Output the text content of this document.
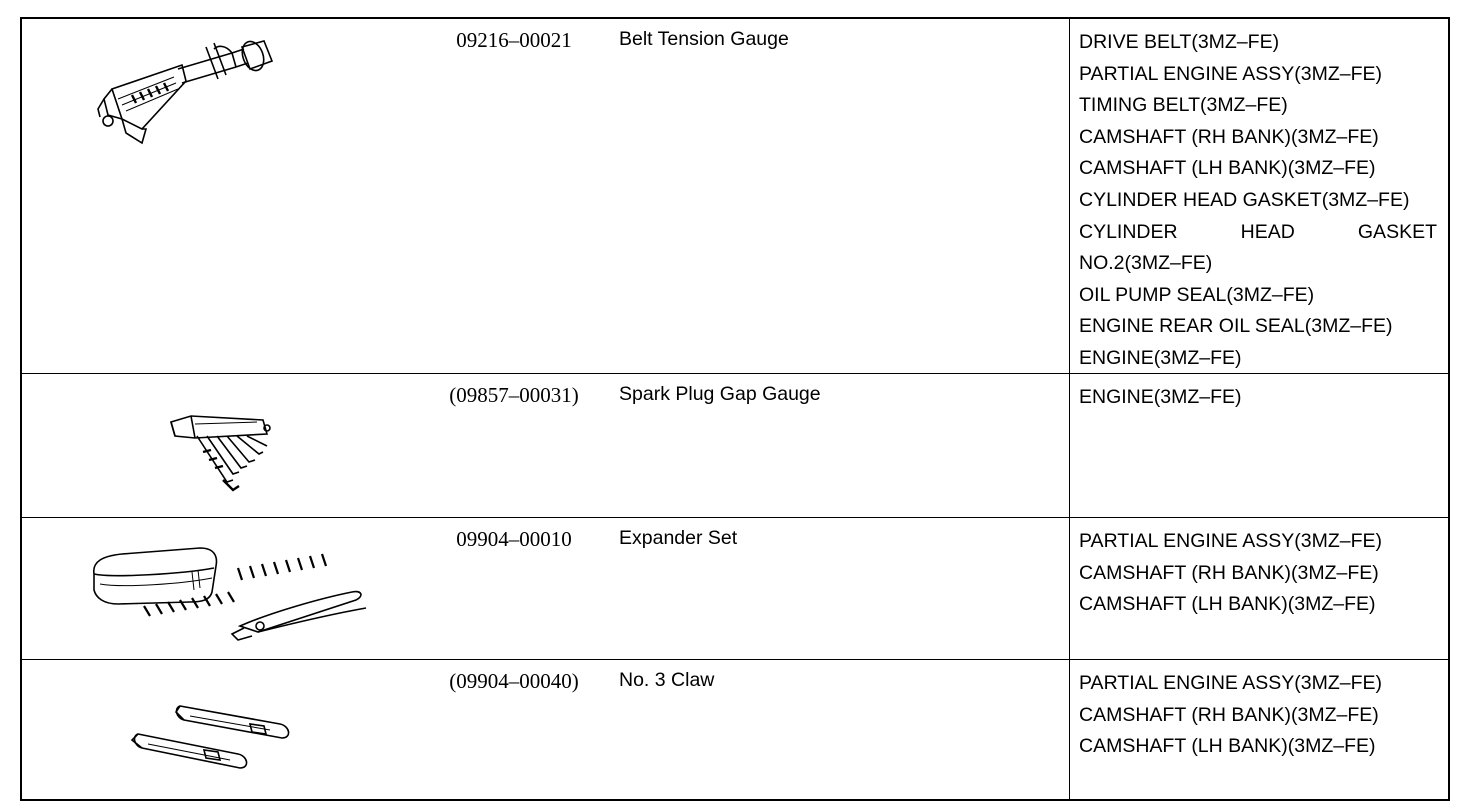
09216–00021	Belt Tension Gauge	DRIVE BELT(3MZ–FE)
PARTIAL ENGINE ASSY(3MZ–FE)
TIMING BELT(3MZ–FE)
CAMSHAFT (RH BANK)(3MZ–FE)
CAMSHAFT (LH BANK)(3MZ–FE)
CYLINDER HEAD GASKET(3MZ–FE)
CYLINDER	HEAD	GASKET
NO.2(3MZ–FE)
OIL PUMP SEAL(3MZ–FE)
ENGINE REAR OIL SEAL(3MZ–FE)
ENGINE(3MZ–FE)
(09857–00031)	Spark Plug Gap Gauge	ENGINE(3MZ–FE)
09904–00010	Expander Set	PARTIAL ENGINE ASSY(3MZ–FE)
CAMSHAFT (RH BANK)(3MZ–FE)
CAMSHAFT (LH BANK)(3MZ–FE)
(09904–00040)	No. 3 Claw	PARTIAL ENGINE ASSY(3MZ–FE)
CAMSHAFT (RH BANK)(3MZ–FE)
CAMSHAFT (LH BANK)(3MZ–FE)
